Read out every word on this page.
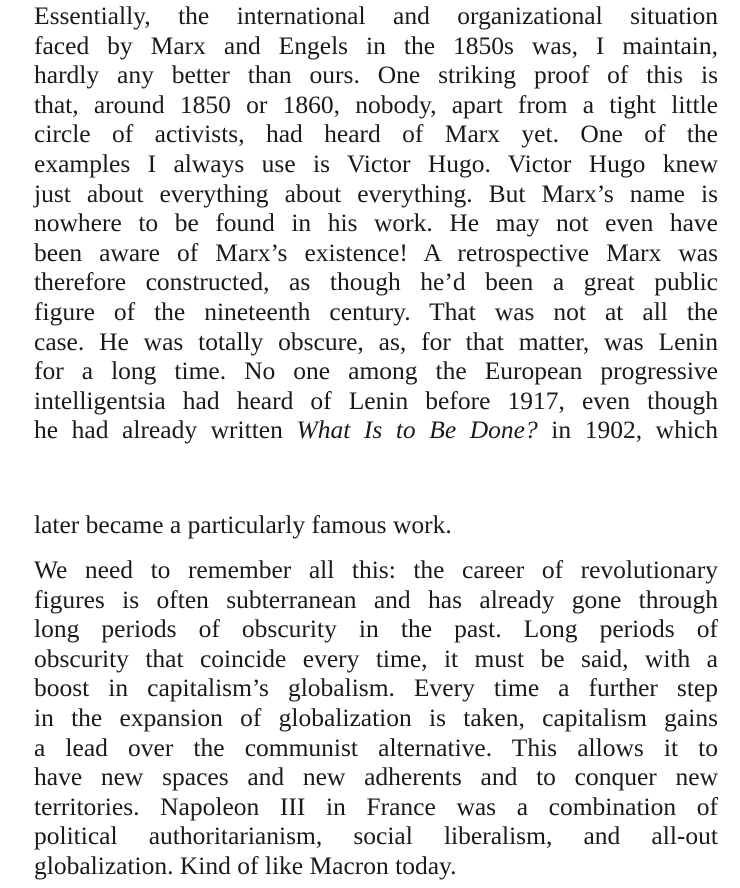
Essentially, the international and organizational situation
faced by Marx and Engels in the 1850s was, I maintain,
hardly any better than ours. One striking proof of this is
that, around 1850 or 1860, nobody, apart from a tight little
circle of activists, had heard of Marx yet. One of the
examples I always use is Victor Hugo. Victor Hugo knew
just about everything about everything. But Marx’s name is
nowhere to be found in his work. He may not even have
been aware of Marx’s existence! A retrospective Marx was
therefore constructed, as though he’d been a great public
figure of the nineteenth century. That was not at all the
case. He was totally obscure, as, for that matter, was Lenin
for a long time. No one among the European progressive
intelligentsia had heard of Lenin before 1917, even though
he had already written What Is to Be Done? in 1902, which

later became a particularly famous work.

We need to remember all this: the career of revolutionary
figures is often subterranean and has already gone through
long periods of obscurity in the past. Long periods of
obscurity that coincide every time, it must be said, with a
boost in capitalism’s globalism. Every time a further step
in the expansion of globalization is taken, capitalism gains
a lead over the communist alternative. This allows it to
have new spaces and new adherents and to conquer new
territories. Napoleon III in France was a combination of
political authoritarianism, social liberalism, and all-out
globalization. Kind of like Macron today.
